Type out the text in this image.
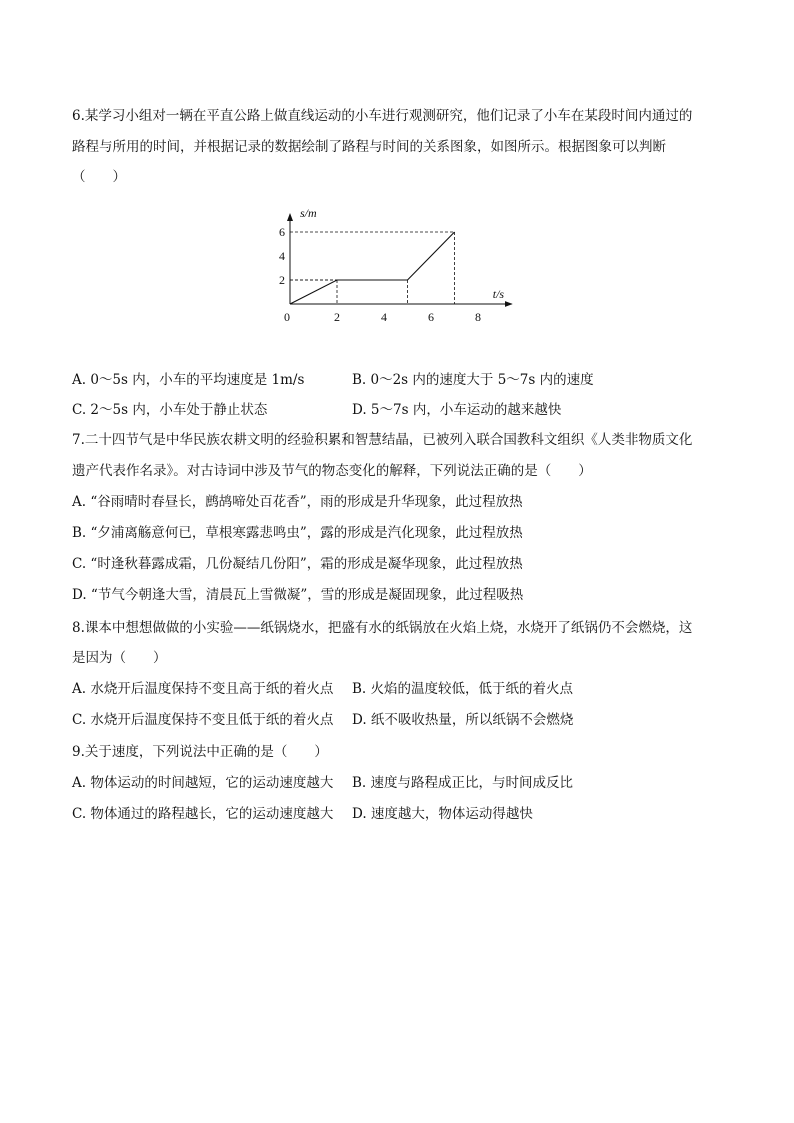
6.某学习小组对一辆在平直公路上做直线运动的小车进行观测研究，他们记录了小车在某段时间内通过的
路程与所用的时间，并根据记录的数据绘制了路程与时间的关系图象，如图所示。根据图象可以判断
（　　）
0	2	4	6	8
2
4
6
s/m
t/s
A. 0～5s 内，小车的平均速度是 1m/s	B. 0～2s 内的速度大于 5～7s 内的速度
C. 2～5s 内，小车处于静止状态	D. 5～7s 内，小车运动的越来越快
7.二十四节气是中华民族农耕文明的经验积累和智慧结晶，已被列入联合国教科文组织《人类非物质文化
遗产代表作名录》。对古诗词中涉及节气的物态变化的解释，下列说法正确的是（　　）
A. “谷雨晴时春昼长，鹧鸪啼处百花香”，雨的形成是升华现象，此过程放热
B. “夕浦离觞意何已，草根寒露悲鸣虫”，露的形成是汽化现象，此过程放热
C. “时逢秋暮露成霜，几份凝结几份阳”，霜的形成是凝华现象，此过程放热
D. “节气今朝逢大雪，清晨瓦上雪微凝”，雪的形成是凝固现象，此过程吸热
8.课本中想想做做的小实验——纸锅烧水，把盛有水的纸锅放在火焰上烧，水烧开了纸锅仍不会燃烧，这
是因为（　　）
A. 水烧开后温度保持不变且高于纸的着火点 B. 火焰的温度较低，低于纸的着火点
C. 水烧开后温度保持不变且低于纸的着火点 D. 纸不吸收热量，所以纸锅不会燃烧
9.关于速度，下列说法中正确的是（　　）
A. 物体运动的时间越短，它的运动速度越大 B. 速度与路程成正比，与时间成反比
C. 物体通过的路程越长，它的运动速度越大 D. 速度越大，物体运动得越快
